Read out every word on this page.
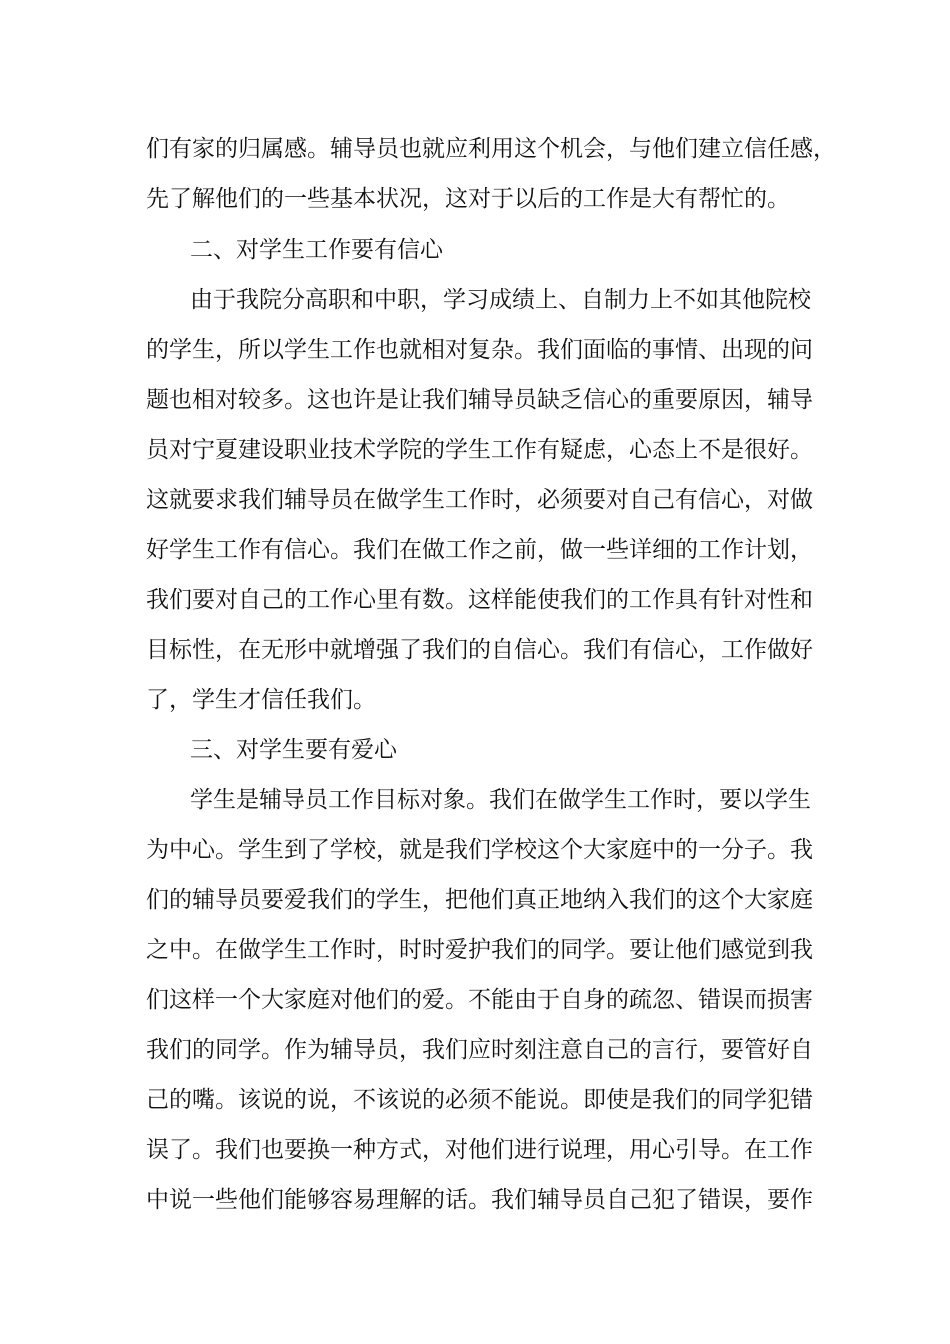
们有家的归属感。辅导员也就应利用这个机会，与他们建立信任感，
先了解他们的一些基本状况，这对于以后的工作是大有帮忙的。
二、对学生工作要有信心
由于我院分高职和中职，学习成绩上、自制力上不如其他院校
的学生，所以学生工作也就相对复杂。我们面临的事情、出现的问
题也相对较多。这也许是让我们辅导员缺乏信心的重要原因，辅导
员对宁夏建设职业技术学院的学生工作有疑虑，心态上不是很好。
这就要求我们辅导员在做学生工作时，必须要对自己有信心，对做
好学生工作有信心。我们在做工作之前，做一些详细的工作计划，
我们要对自己的工作心里有数。这样能使我们的工作具有针对性和
目标性，在无形中就增强了我们的自信心。我们有信心，工作做好
了，学生才信任我们。
三、对学生要有爱心
学生是辅导员工作目标对象。我们在做学生工作时，要以学生
为中心。学生到了学校，就是我们学校这个大家庭中的一分子。我
们的辅导员要爱我们的学生，把他们真正地纳入我们的这个大家庭
之中。在做学生工作时，时时爱护我们的同学。要让他们感觉到我
们这样一个大家庭对他们的爱。不能由于自身的疏忽、错误而损害
我们的同学。作为辅导员，我们应时刻注意自己的言行，要管好自
己的嘴。该说的说，不该说的必须不能说。即使是我们的同学犯错
误了。我们也要换一种方式，对他们进行说理，用心引导。在工作
中说一些他们能够容易理解的话。我们辅导员自己犯了错误，要作
